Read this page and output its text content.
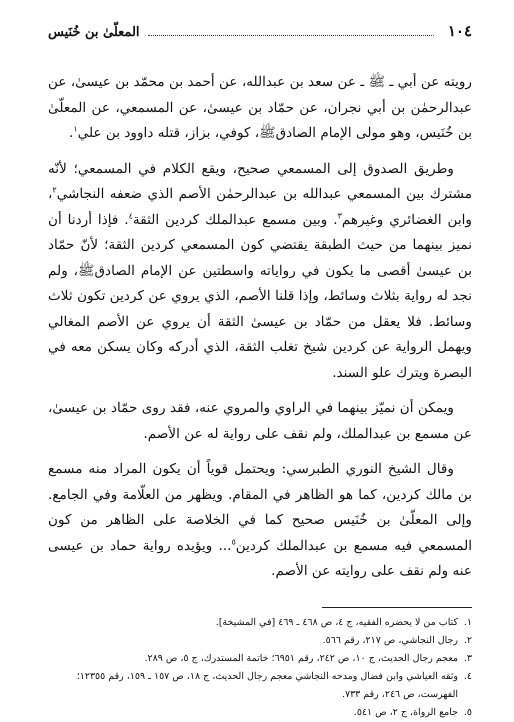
١٠٤
المعلّىٰ بن خُنَيس

رويته عن أبي ـ ﷺ ـ عن سعد بن عبدالله، عن أحمد بن محمّد بن عيسىٰ، عن عبدالرحمٰن بن أبي نجران، عن حمّاد بن عيسىٰ، عن المسمعي، عن المعلّىٰ بن خُنَيس، وهو مولى الإمام الصادقﷺ، كوفي، بزاز، قتله داوود بن علي$^١$.

وطريق الصدوق إلى المسمعي صحيح، ويقع الكلام في المسمعي؛ لأنّه مشترك بين المسمعي عبدالله بن عبدالرحمٰن الأصم الذي ضعفه النجاشي$^٢$، وابن الغضائري وغيرهم$^٣$. وبين مسمع عبدالملك كردين الثقة$^٤$. فإذا أردنا أن نميز بينهما من حيث الطبقة يقتضي كون المسمعي كردين الثقة؛ لأنّ حمّاد بن عيسىٰ أقصى ما يكون في رواياته واسطتين عن الإمام الصادقﷺ، ولم نجد له رواية بثلاث وسائط، وإذا قلنا الأصم، الذي يروي عن كردين تكون ثلاث وسائط. فلا يعقل من حمّاد بن عيسىٰ الثقة أن يروي عن الأصم المغالي ويهمل الرواية عن كردين شيخ تغلب الثقة، الذي أدركه وكان يسكن معه في البصرة ويترك علو السند.

ويمكن أن نميّز بينهما في الراوي والمروي عنه، فقد روى حمّاد بن عيسىٰ، عن مسمع بن عبدالملك، ولم نقف على رواية له عن الأصم.

وقال الشيخ النوري الطبرسي: ويحتمل قوياً أن يكون المراد منه مسمع بن مالك كردين، كما هو الظاهر في المقام. ويظهر من العلّامة وفي الجامع. وإلى المعلّىٰ بن خُنَيس صحيح كما في الخلاصة على الظاهر من كون المسمعي فيه مسمع بن عبدالملك كردين$^٥$... ويؤيده رواية حماد بن عيسى عنه ولم نقف على روايته عن الأصم.

١.
كتاب من لا يحضره الفقيه، ج ٤، ص ٤٦٨ ـ ٤٦٩ [في المشيخة].
٢.
رجال النجاشي، ص ٢١٧، رقم ٥٦٦.
٣.
معجم رجال الحديث، ج ١٠، ص ٢٤٢، رقم ٦٩٥١؛ خاتمة المستدرك، ج ٥، ص ٢٨٩.
٤.
وثقه العياشي وابن فضال ومدحه النجاشي معجم رجال الحديث، ج ١٨، ص ١٥٧ ـ ١٥٩، رقم ١٢٣٥٥؛ الفهرست، ص ٢٤٦، رقم ٧٣٣.
٥.
جامع الرواة، ج ٢، ص ٥٤١.
